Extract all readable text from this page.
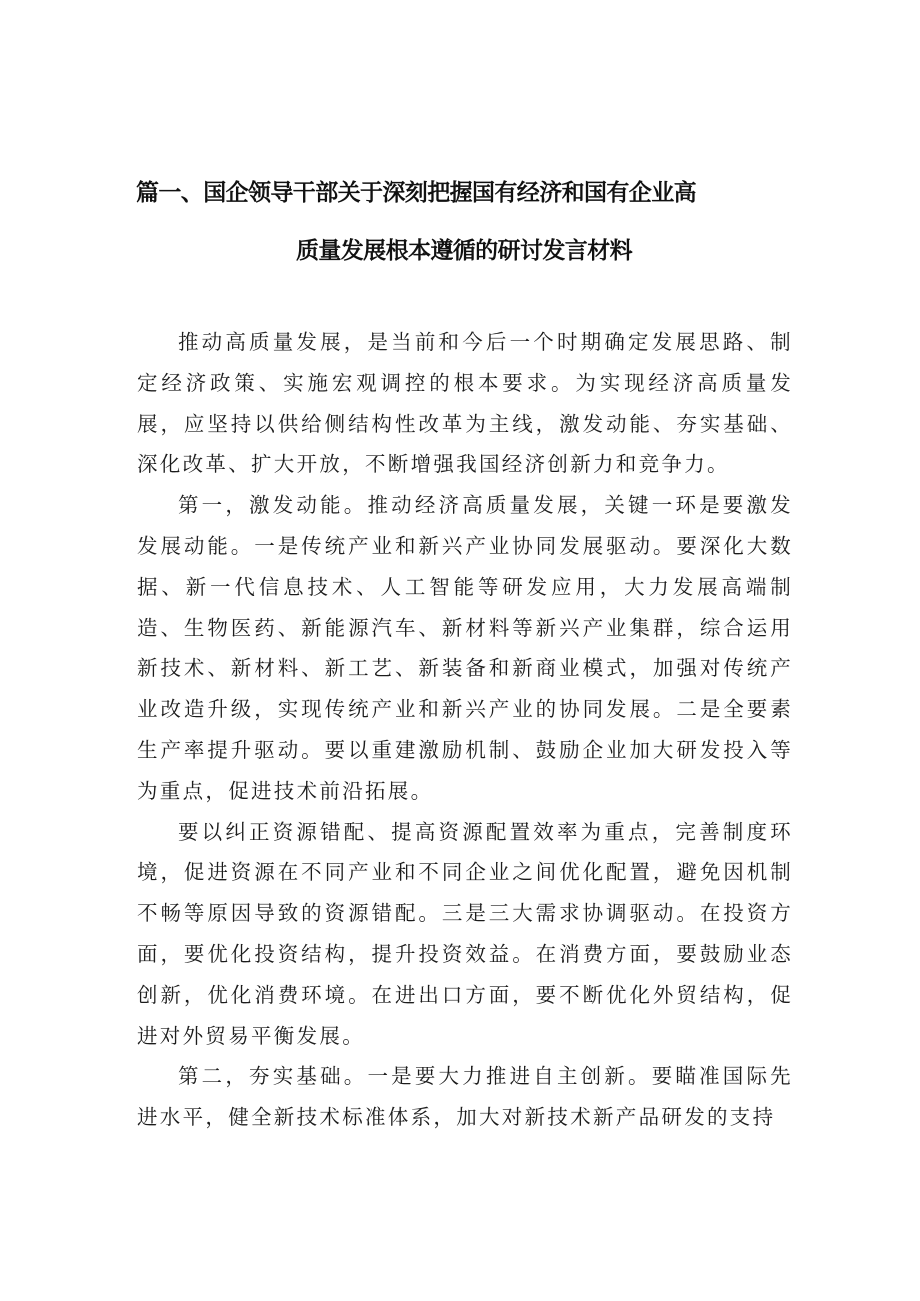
篇一、国企领导干部关于深刻把握国有经济和国有企业高
质量发展根本遵循的研讨发言材料

推动高质量发展，是当前和今后一个时期确定发展思路、制定经济政策、实施宏观调控的根本要求。为实现经济高质量发展，应坚持以供给侧结构性改革为主线，激发动能、夯实基础、深化改革、扩大开放，不断增强我国经济创新力和竞争力。

第一，激发动能。推动经济高质量发展，关键一环是要激发发展动能。一是传统产业和新兴产业协同发展驱动。要深化大数据、新一代信息技术、人工智能等研发应用，大力发展高端制造、生物医药、新能源汽车、新材料等新兴产业集群，综合运用新技术、新材料、新工艺、新装备和新商业模式，加强对传统产业改造升级，实现传统产业和新兴产业的协同发展。二是全要素生产率提升驱动。要以重建激励机制、鼓励企业加大研发投入等为重点，促进技术前沿拓展。

要以纠正资源错配、提高资源配置效率为重点，完善制度环境，促进资源在不同产业和不同企业之间优化配置，避免因机制不畅等原因导致的资源错配。三是三大需求协调驱动。在投资方面，要优化投资结构，提升投资效益。在消费方面，要鼓励业态创新，优化消费环境。在进出口方面，要不断优化外贸结构，促进对外贸易平衡发展。

第二，夯实基础。一是要大力推进自主创新。要瞄准国际先进水平，健全新技术标准体系，加大对新技术新产品研发的支持
